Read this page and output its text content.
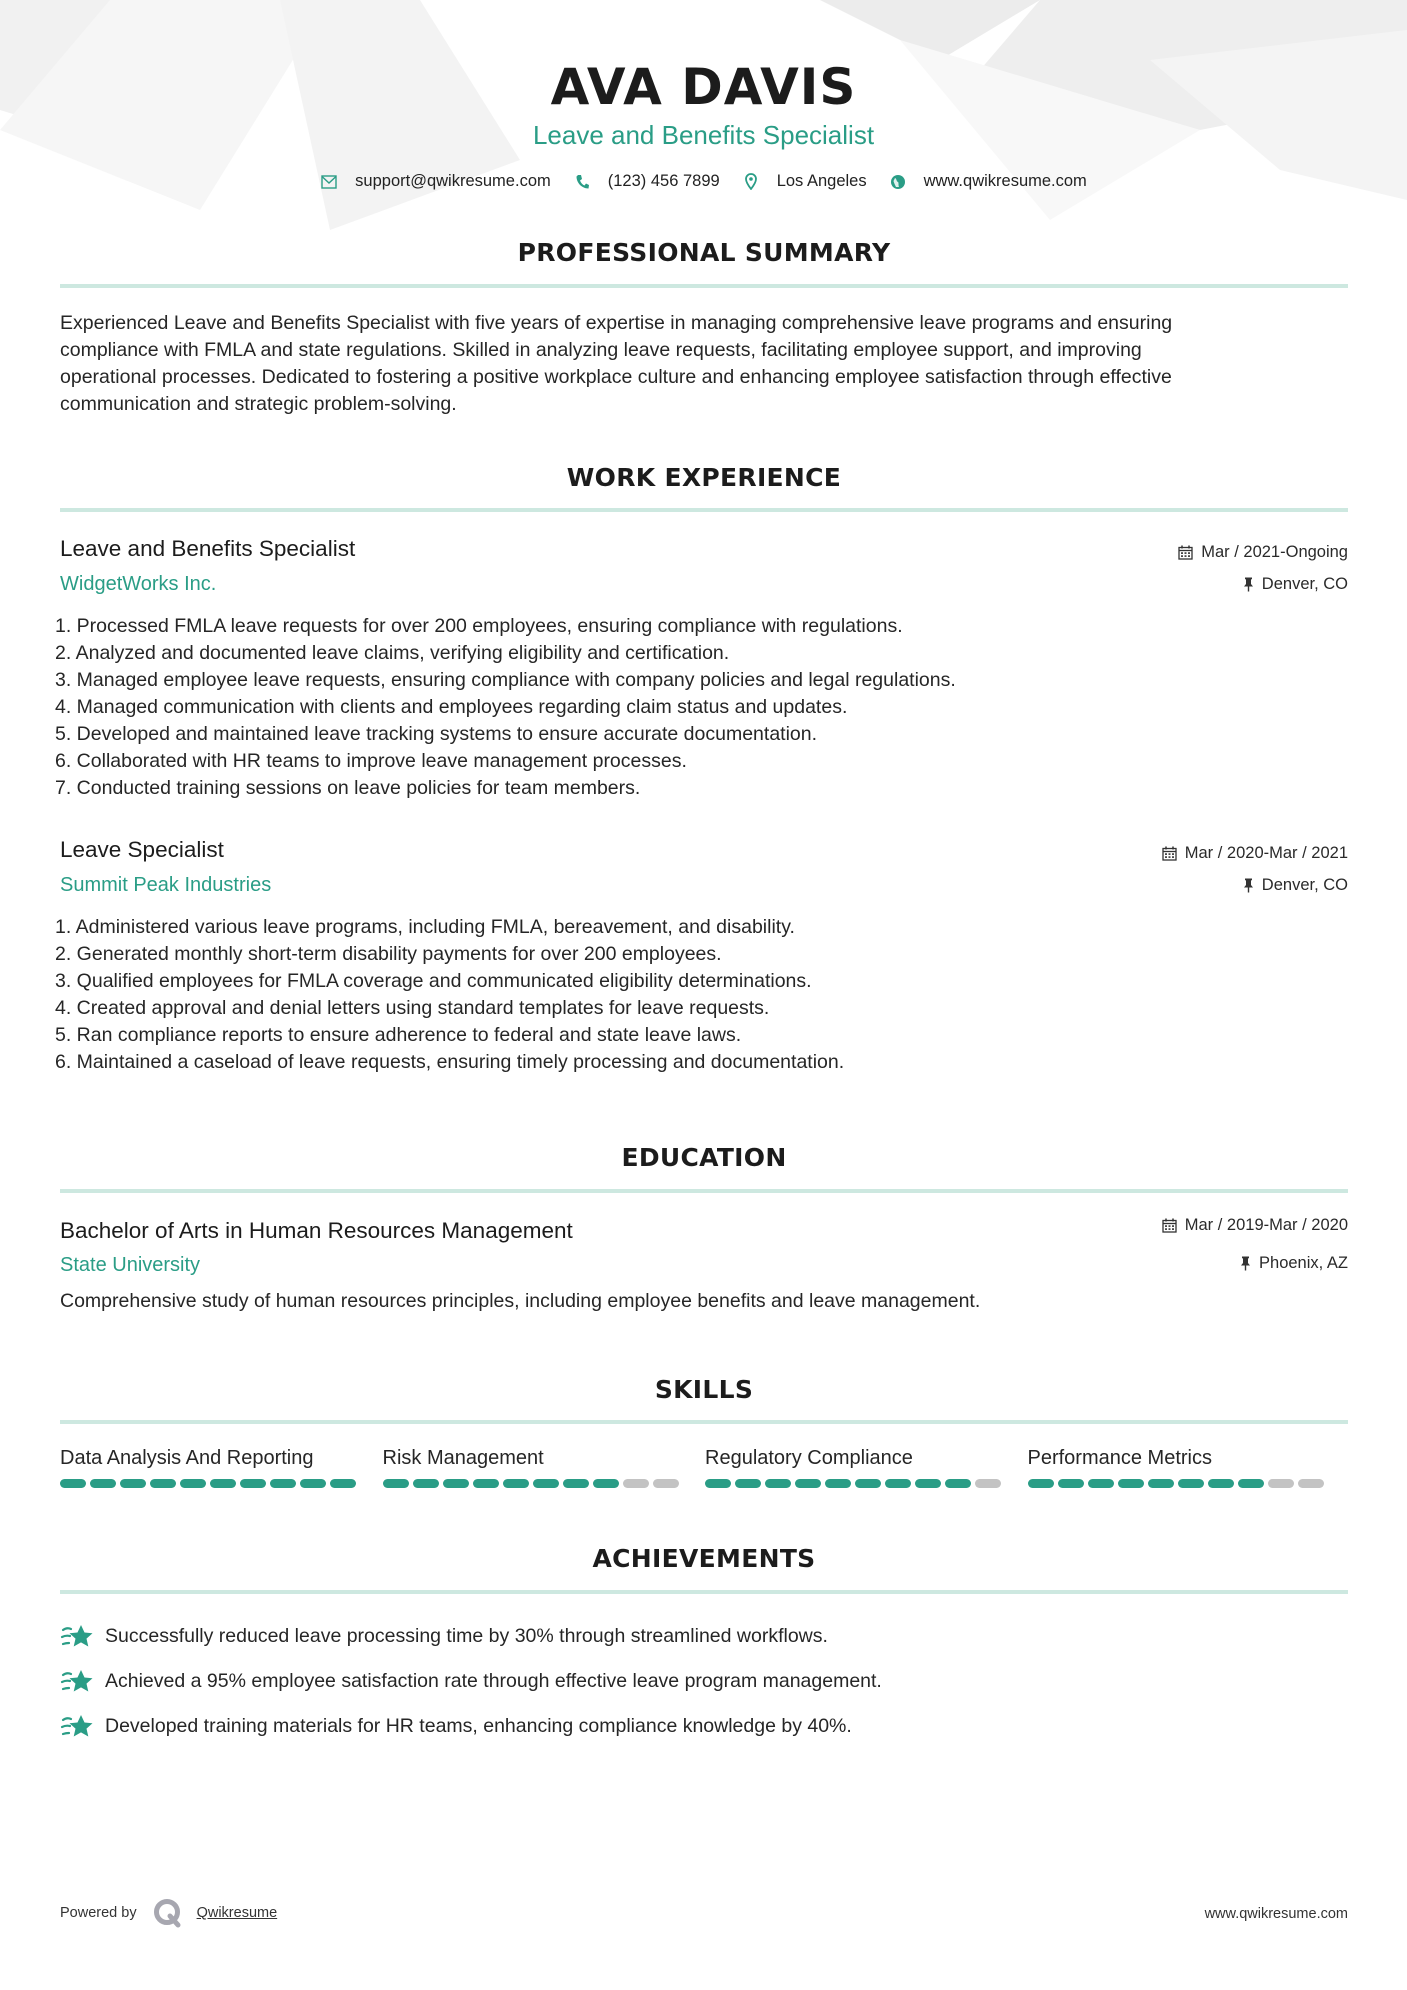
AVA DAVIS
Leave and Benefits Specialist
support@qwikresume.com	(123) 456 7899	Los Angeles	www.qwikresume.com
PROFESSIONAL SUMMARY
Experienced Leave and Benefits Specialist with five years of expertise in managing comprehensive leave programs and ensuring
compliance with FMLA and state regulations. Skilled in analyzing leave requests, facilitating employee support, and improving
operational processes. Dedicated to fostering a positive workplace culture and enhancing employee satisfaction through effective
communication and strategic problem-solving.
WORK EXPERIENCE
Leave and Benefits Specialist
WidgetWorks Inc.
Mar / 2021-Ongoing
Denver, CO
1. Processed FMLA leave requests for over 200 employees, ensuring compliance with regulations.
2. Analyzed and documented leave claims, verifying eligibility and certification.
3. Managed employee leave requests, ensuring compliance with company policies and legal regulations.
4. Managed communication with clients and employees regarding claim status and updates.
5. Developed and maintained leave tracking systems to ensure accurate documentation.
6. Collaborated with HR teams to improve leave management processes.
7. Conducted training sessions on leave policies for team members.
Leave Specialist
Summit Peak Industries
Mar / 2020-Mar / 2021
Denver, CO
1. Administered various leave programs, including FMLA, bereavement, and disability.
2. Generated monthly short-term disability payments for over 200 employees.
3. Qualified employees for FMLA coverage and communicated eligibility determinations.
4. Created approval and denial letters using standard templates for leave requests.
5. Ran compliance reports to ensure adherence to federal and state leave laws.
6. Maintained a caseload of leave requests, ensuring timely processing and documentation.
EDUCATION
Bachelor of Arts in Human Resources Management
State University
Mar / 2019-Mar / 2020
Phoenix, AZ
Comprehensive study of human resources principles, including employee benefits and leave management.
SKILLS
Data Analysis And Reporting	Risk Management	Regulatory Compliance	Performance Metrics
ACHIEVEMENTS
Successfully reduced leave processing time by 30% through streamlined workflows.
Achieved a 95% employee satisfaction rate through effective leave program management.
Developed training materials for HR teams, enhancing compliance knowledge by 40%.
Powered by	Qwikresume	www.qwikresume.com
